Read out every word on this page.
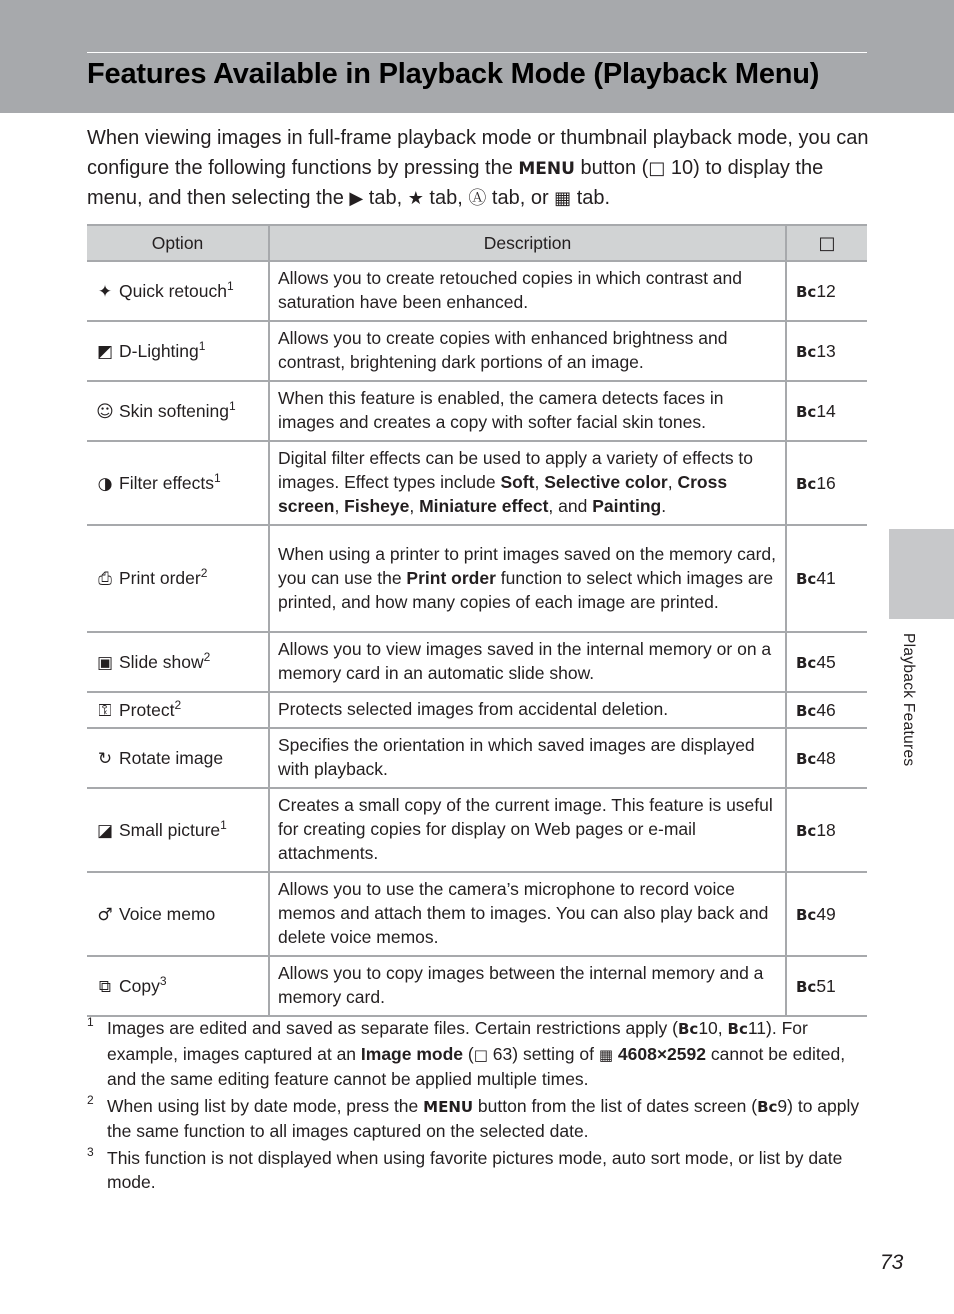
Features Available in Playback Mode (Playback Menu)
When viewing images in full-frame playback mode or thumbnail playback mode, you can configure the following functions by pressing the MENU button (□ 10) to display the menu, and then selecting the ▶ tab, ★ tab, Ⓐ tab, or ▦ tab.
Option	Description	□
✦ Quick retouch$^1$	Allows you to create retouched copies in which contrast and saturation have been enhanced.	Вс12
◩ D-Lighting$^1$	Allows you to create copies with enhanced brightness and contrast, brightening dark portions of an image.	Вс13
☺ Skin softening$^1$	When this feature is enabled, the camera detects faces in images and creates a copy with softer facial skin tones.	Вс14
◑ Filter effects$^1$	Digital filter effects can be used to apply a variety of effects to images. Effect types include Soft, Selective color, Cross screen, Fisheye, Miniature effect, and Painting.	Вс16
⎙ Print order$^2$	When using a printer to print images saved on the memory card, you can use the Print order function to select which images are printed, and how many copies of each image are printed.	Вс41
▣ Slide show$^2$	Allows you to view images saved in the internal memory or on a memory card in an automatic slide show.	Вс45
⚿ Protect$^2$	Protects selected images from accidental deletion.	Вс46
↻ Rotate image	Specifies the orientation in which saved images are displayed with playback.	Вс48
◪ Small picture$^1$	Creates a small copy of the current image. This feature is useful for creating copies for display on Web pages or e-mail attachments.	Вс18
♂ Voice memo	Allows you to use the camera’s microphone to record voice memos and attach them to images. You can also play back and delete voice memos.	Вс49
⧉ Copy$^3$	Allows you to copy images between the internal memory and a memory card.	Вс51
1 Images are edited and saved as separate files. Certain restrictions apply (Вс10, Вс11). For example, images captured at an Image mode (□ 63) setting of ▦ 4608×2592 cannot be edited, and the same editing feature cannot be applied multiple times.
2 When using list by date mode, press the MENU button from the list of dates screen (Вс9) to apply the same function to all images captured on the selected date.
3 This function is not displayed when using favorite pictures mode, auto sort mode, or list by date mode.
Playback Features
73
